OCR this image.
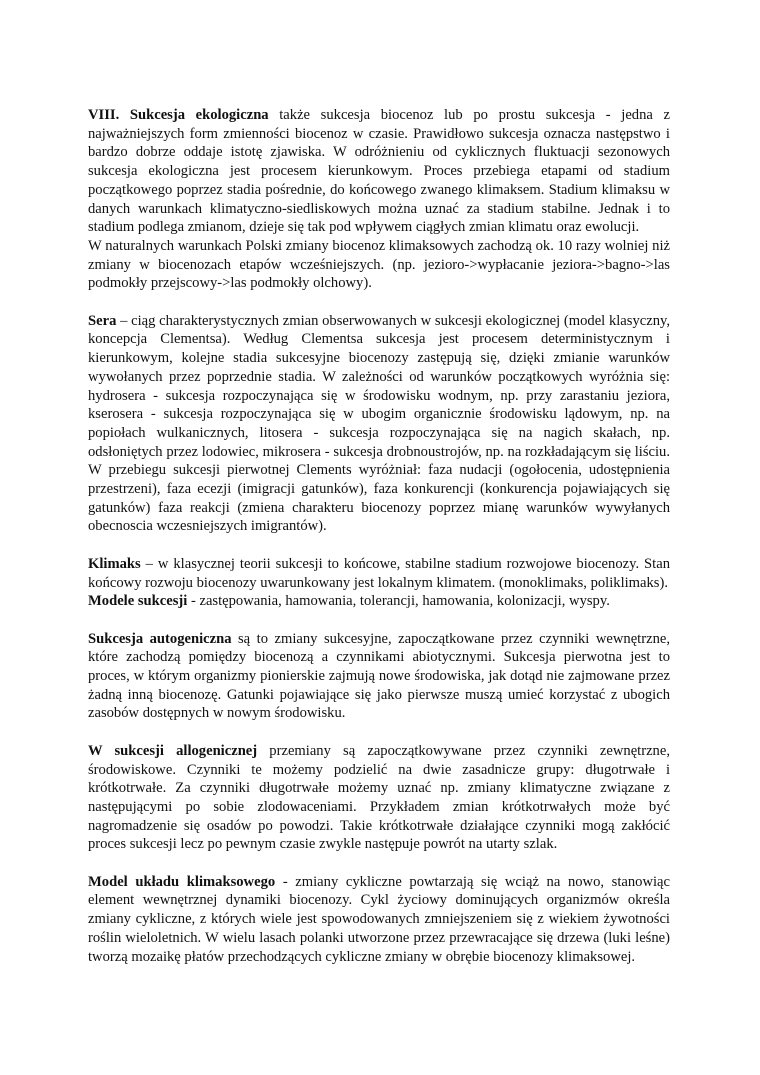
VIII. Sukcesja ekologiczna także sukcesja biocenoz lub po prostu sukcesja - jedna z najważniejszych form zmienności biocenoz w czasie. Prawidłowo sukcesja oznacza następstwo i bardzo dobrze oddaje istotę zjawiska. W odróżnieniu od cyklicznych fluktuacji sezonowych sukcesja ekologiczna jest procesem kierunkowym. Proces przebiega etapami od stadium początkowego poprzez stadia pośrednie, do końcowego zwanego klimaksem. Stadium klimaksu w danych warunkach klimatyczno-siedliskowych można uznać za stadium stabilne. Jednak i to stadium podlega zmianom, dzieje się tak pod wpływem ciągłych zmian klimatu oraz ewolucji.

W naturalnych warunkach Polski zmiany biocenoz klimaksowych zachodzą ok. 10 razy wolniej niż zmiany w biocenozach etapów wcześniejszych. (np. jezioro->wypłacanie jeziora->bagno->las podmokły przejscowy->las podmokły olchowy).

Sera – ciąg charakterystycznych zmian obserwowanych w sukcesji ekologicznej (model klasyczny, koncepcja Clementsa). Według Clementsa sukcesja jest procesem deterministycznym i kierunkowym, kolejne stadia sukcesyjne biocenozy zastępują się, dzięki zmianie warunków wywołanych przez poprzednie stadia. W zależności od warunków początkowych wyróżnia się: hydrosera - sukcesja rozpoczynająca się w środowisku wodnym, np. przy zarastaniu jeziora, kserosera - sukcesja rozpoczynająca się w ubogim organicznie środowisku lądowym, np. na popiołach wulkanicznych, litosera - sukcesja rozpoczynająca się na nagich skałach, np. odsłoniętych przez lodowiec, mikrosera - sukcesja drobnoustrojów, np. na rozkładającym się liściu. W przebiegu sukcesji pierwotnej Clements wyróżniał: faza nudacji (ogołocenia, udostępnienia przestrzeni), faza ecezji (imigracji gatunków), faza konkurencji (konkurencja pojawiających się gatunków) faza reakcji (zmiena charakteru biocenozy poprzez mianę warunków wywyłanych obecnoscia wczesniejszych imigrantów).

Klimaks – w klasycznej teorii sukcesji to końcowe, stabilne stadium rozwojowe biocenozy. Stan końcowy rozwoju biocenozy uwarunkowany jest lokalnym klimatem. (monoklimaks, poliklimaks).

Modele sukcesji - zastępowania, hamowania, tolerancji, hamowania, kolonizacji, wyspy.

Sukcesja autogeniczna są to zmiany sukcesyjne, zapoczątkowane przez czynniki wewnętrzne, które zachodzą pomiędzy biocenozą a czynnikami abiotycznymi. Sukcesja pierwotna jest to proces, w którym organizmy pionierskie zajmują nowe środowiska, jak dotąd nie zajmowane przez żadną inną biocenozę. Gatunki pojawiające się jako pierwsze muszą umieć korzystać z ubogich zasobów dostępnych w nowym środowisku.

W sukcesji allogenicznej przemiany są zapoczątkowywane przez czynniki zewnętrzne, środowiskowe. Czynniki te możemy podzielić na dwie zasadnicze grupy: długotrwałe i krótkotrwałe. Za czynniki długotrwałe możemy uznać np. zmiany klimatyczne związane z następującymi po sobie zlodowaceniami. Przykładem zmian krótkotrwałych może być nagromadzenie się osadów po powodzi. Takie krótkotrwałe działające czynniki mogą zakłócić proces sukcesji lecz po pewnym czasie zwykle następuje powrót na utarty szlak.

Model układu klimaksowego - zmiany cykliczne powtarzają się wciąż na nowo, stanowiąc element wewnętrznej dynamiki biocenozy. Cykl życiowy dominujących organizmów określa zmiany cykliczne, z których wiele jest spowodowanych zmniejszeniem się z wiekiem żywotności roślin wieloletnich. W wielu lasach polanki utworzone przez przewracające się drzewa (luki leśne) tworzą mozaikę płatów przechodzących cykliczne zmiany w obrębie biocenozy klimaksowej.
